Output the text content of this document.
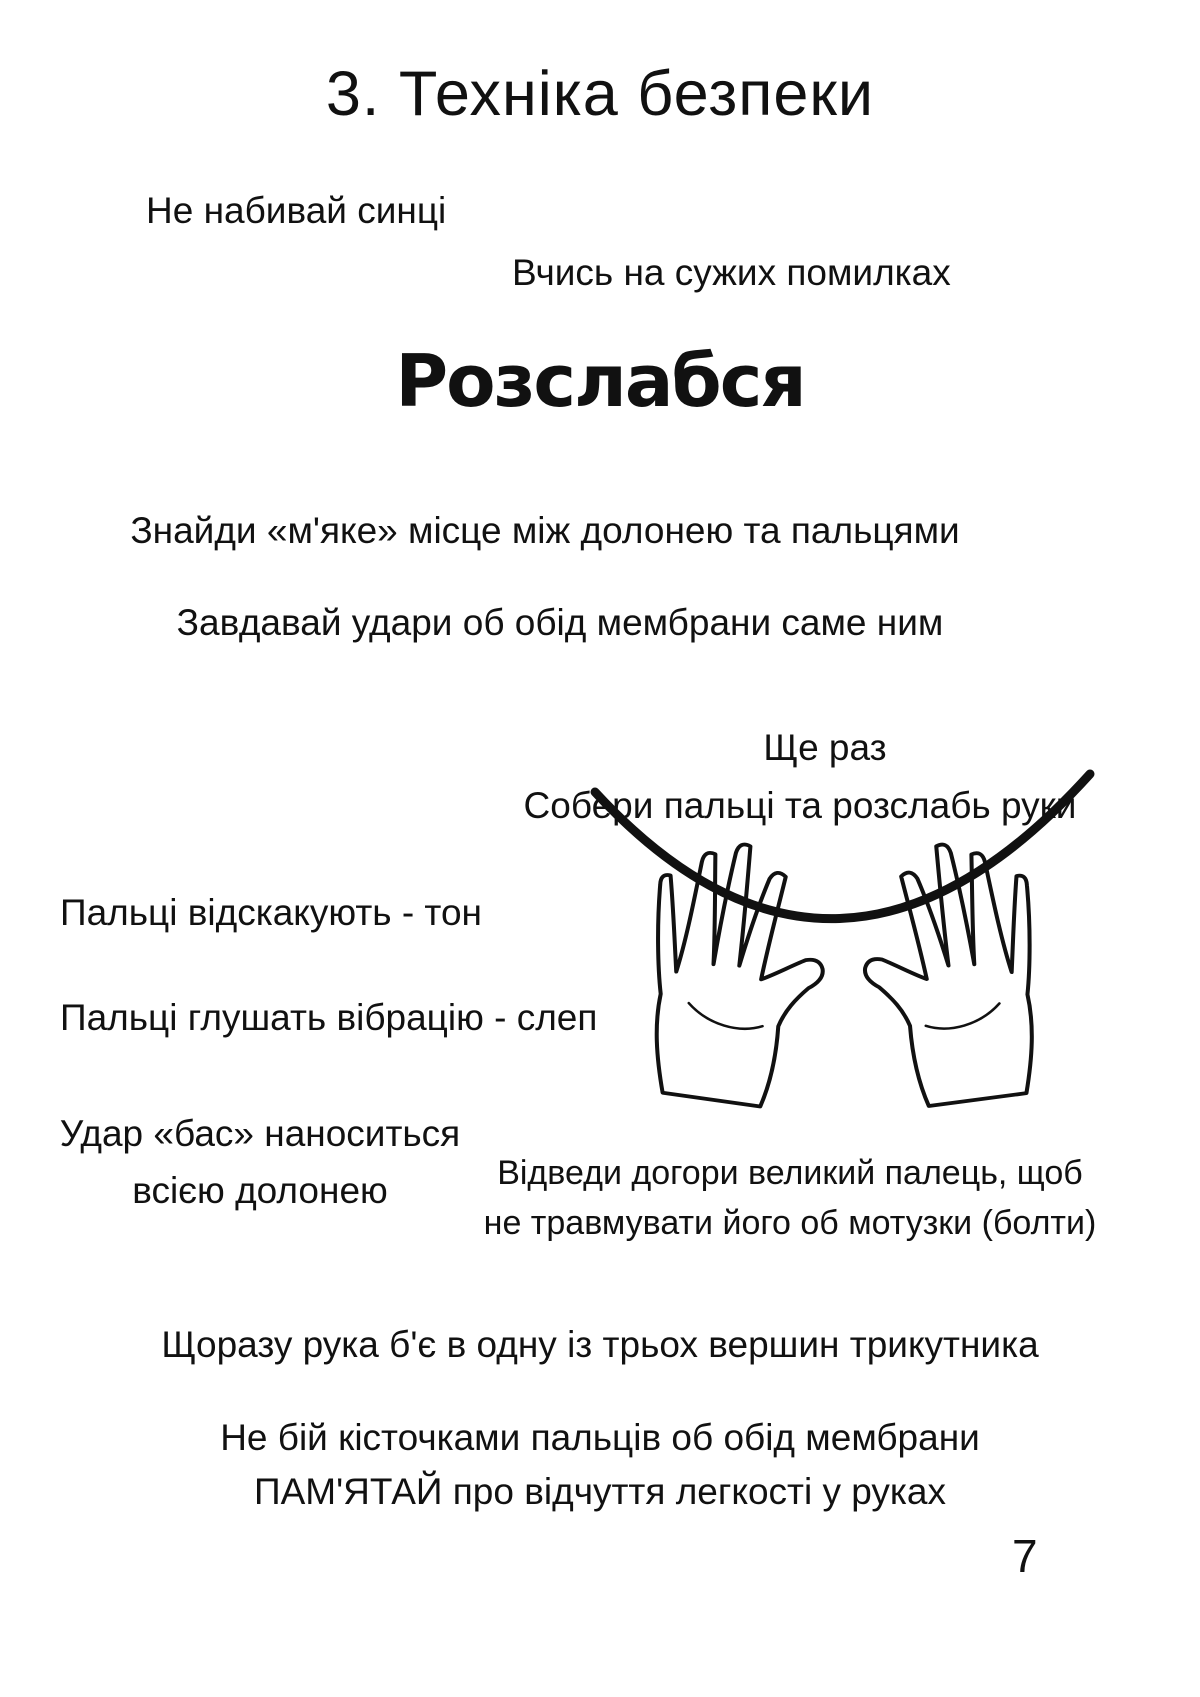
3. Техніка безпеки
Не набивай синці
Вчись на сужих помилках
Розслабся
Знайди «м'яке» місце між долонею та пальцями
Завдавай удари об обід мембрани саме ним
Ще раз
Собери пальці та розслабь руки
Пальці відскакують - тон
Пальці глушать вібрацію - слеп
Удар «бас» наноситься
всією долонею	Відведи догори великий палець, щоб
не травмувати його об мотузки (болти)
Щоразу рука б'є в одну із трьох вершин трикутника
Не бій кісточками пальців об обід мембрани
ПАМ'ЯТАЙ про відчуття легкості у руках
7
